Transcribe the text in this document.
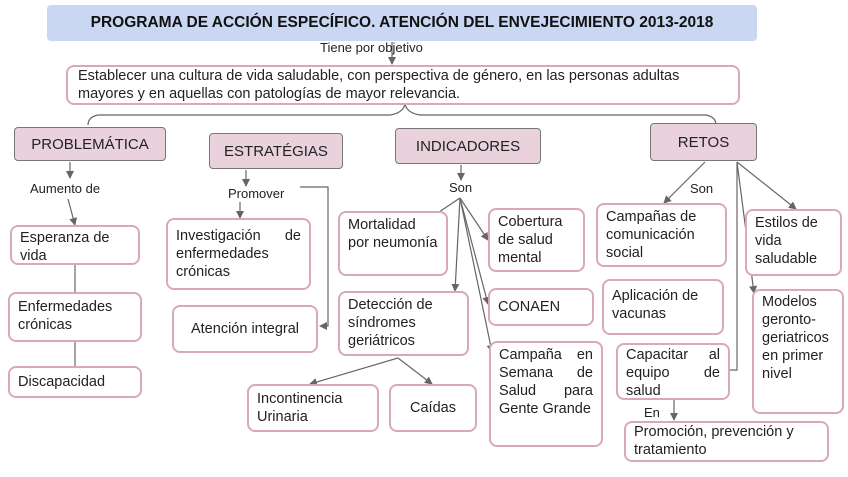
PROGRAMA DE ACCIÓN ESPECÍFICO. ATENCIÓN DEL ENVEJECIMIENTO 2013-2018
Tiene por objetivo
Establecer una cultura de vida saludable, con perspectiva de género, en las personas adultas mayores y en aquellas con patologías de mayor relevancia.
PROBLEMÁTICA
Aumento de
Esperanza de vida
Enfermedades crónicas
Discapacidad
ESTRATÉGIAS
Promover
Investigación de enfermedades crónicas
Atención integral
INDICADORES
Son
Mortalidad por neumonía
Detección de síndromes geriátricos
Cobertura de salud mental
CONAEN
Campaña en Semana de Salud para Gente Grande
Incontinencia Urinaria
Caídas
RETOS
Son
Campañas de comunicación social
Aplicación de vacunas
Capacitar al equipo de salud
Estilos de vida saludable
Modelos geronto-geriatricos en primer nivel
En
Promoción, prevención y tratamiento
